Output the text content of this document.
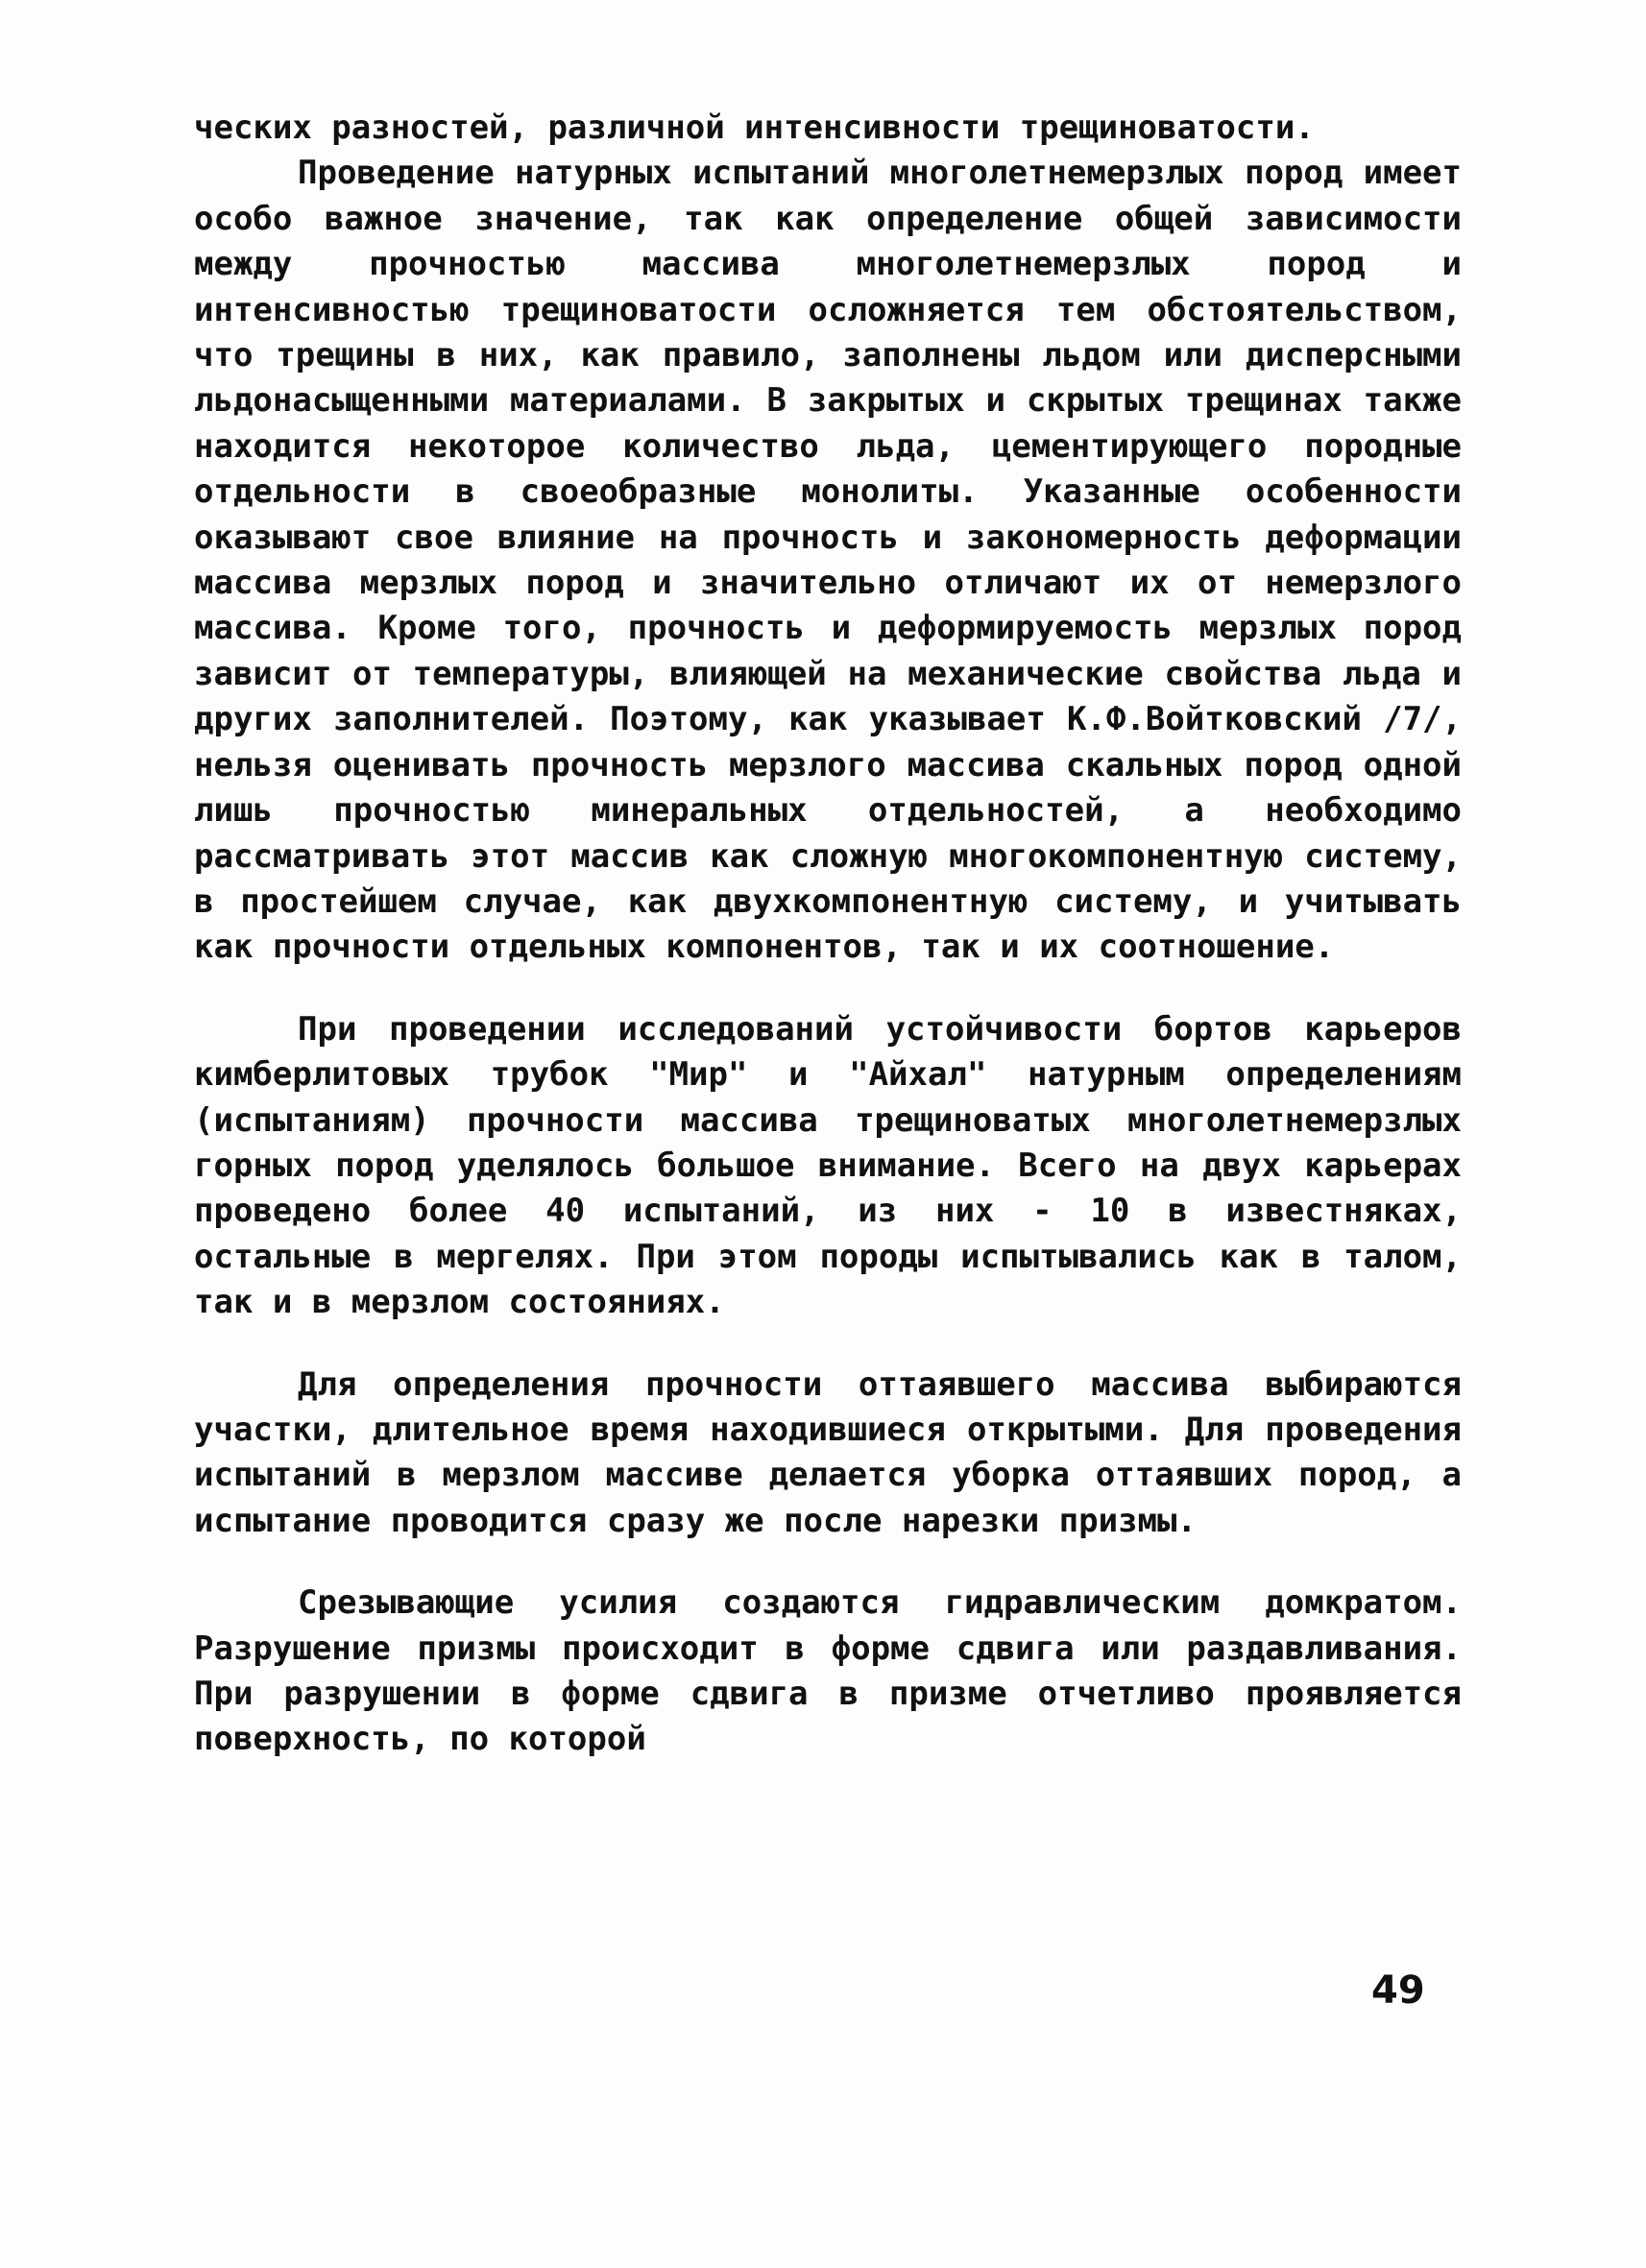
ческих разностей, различной интенсивности трещиноватости.

Проведение натурных испытаний многолетнемерзлых пород имеет особо важное значение, так как определение общей зависимости между прочностью массива многолетнемерзлых пород и интенсивностью трещиноватости осложняется тем обстоятельством, что трещины в них, как правило, заполнены льдом или дисперсными льдонасыщенными материалами. В закрытых и скрытых трещинах также находится некоторое количество льда, цементирующего породные отдельности в своеобразные монолиты. Указанные особенности оказывают свое влияние на прочность и закономерность деформации массива мерзлых пород и значительно отличают их от немерзлого массива. Кроме того, прочность и деформируемость мерзлых пород зависит от температуры, влияющей на механические свойства льда и других заполнителей. Поэтому, как указывает К.Ф.Войтковский /7/, нельзя оценивать прочность мерзлого массива скальных пород одной лишь прочностью минеральных отдельностей, а необходимо рассматривать этот массив как сложную многокомпонентную систему, в простейшем случае, как двухкомпонентную систему, и учитывать как прочности отдельных компонентов, так и их соотношение.

При проведении исследований устойчивости бортов карьеров кимберлитовых трубок "Мир" и "Айхал" натурным определениям (испытаниям) прочности массива трещиноватых многолетнемерзлых горных пород уделялось большое внимание. Всего на двух карьерах проведено более 40 испытаний, из них - 10 в известняках, остальные в мергелях. При этом породы испытывались как в талом, так и в мерзлом состояниях.

Для определения прочности оттаявшего массива выбираются участки, длительное время находившиеся открытыми. Для проведения испытаний в мерзлом массиве делается уборка оттаявших пород, а испытание проводится сразу же после нарезки призмы.

Срезывающие усилия создаются гидравлическим домкратом. Разрушение призмы происходит в форме сдвига или раздавливания. При разрушении в форме сдвига в призме отчетливо проявляется поверхность, по которой

49
